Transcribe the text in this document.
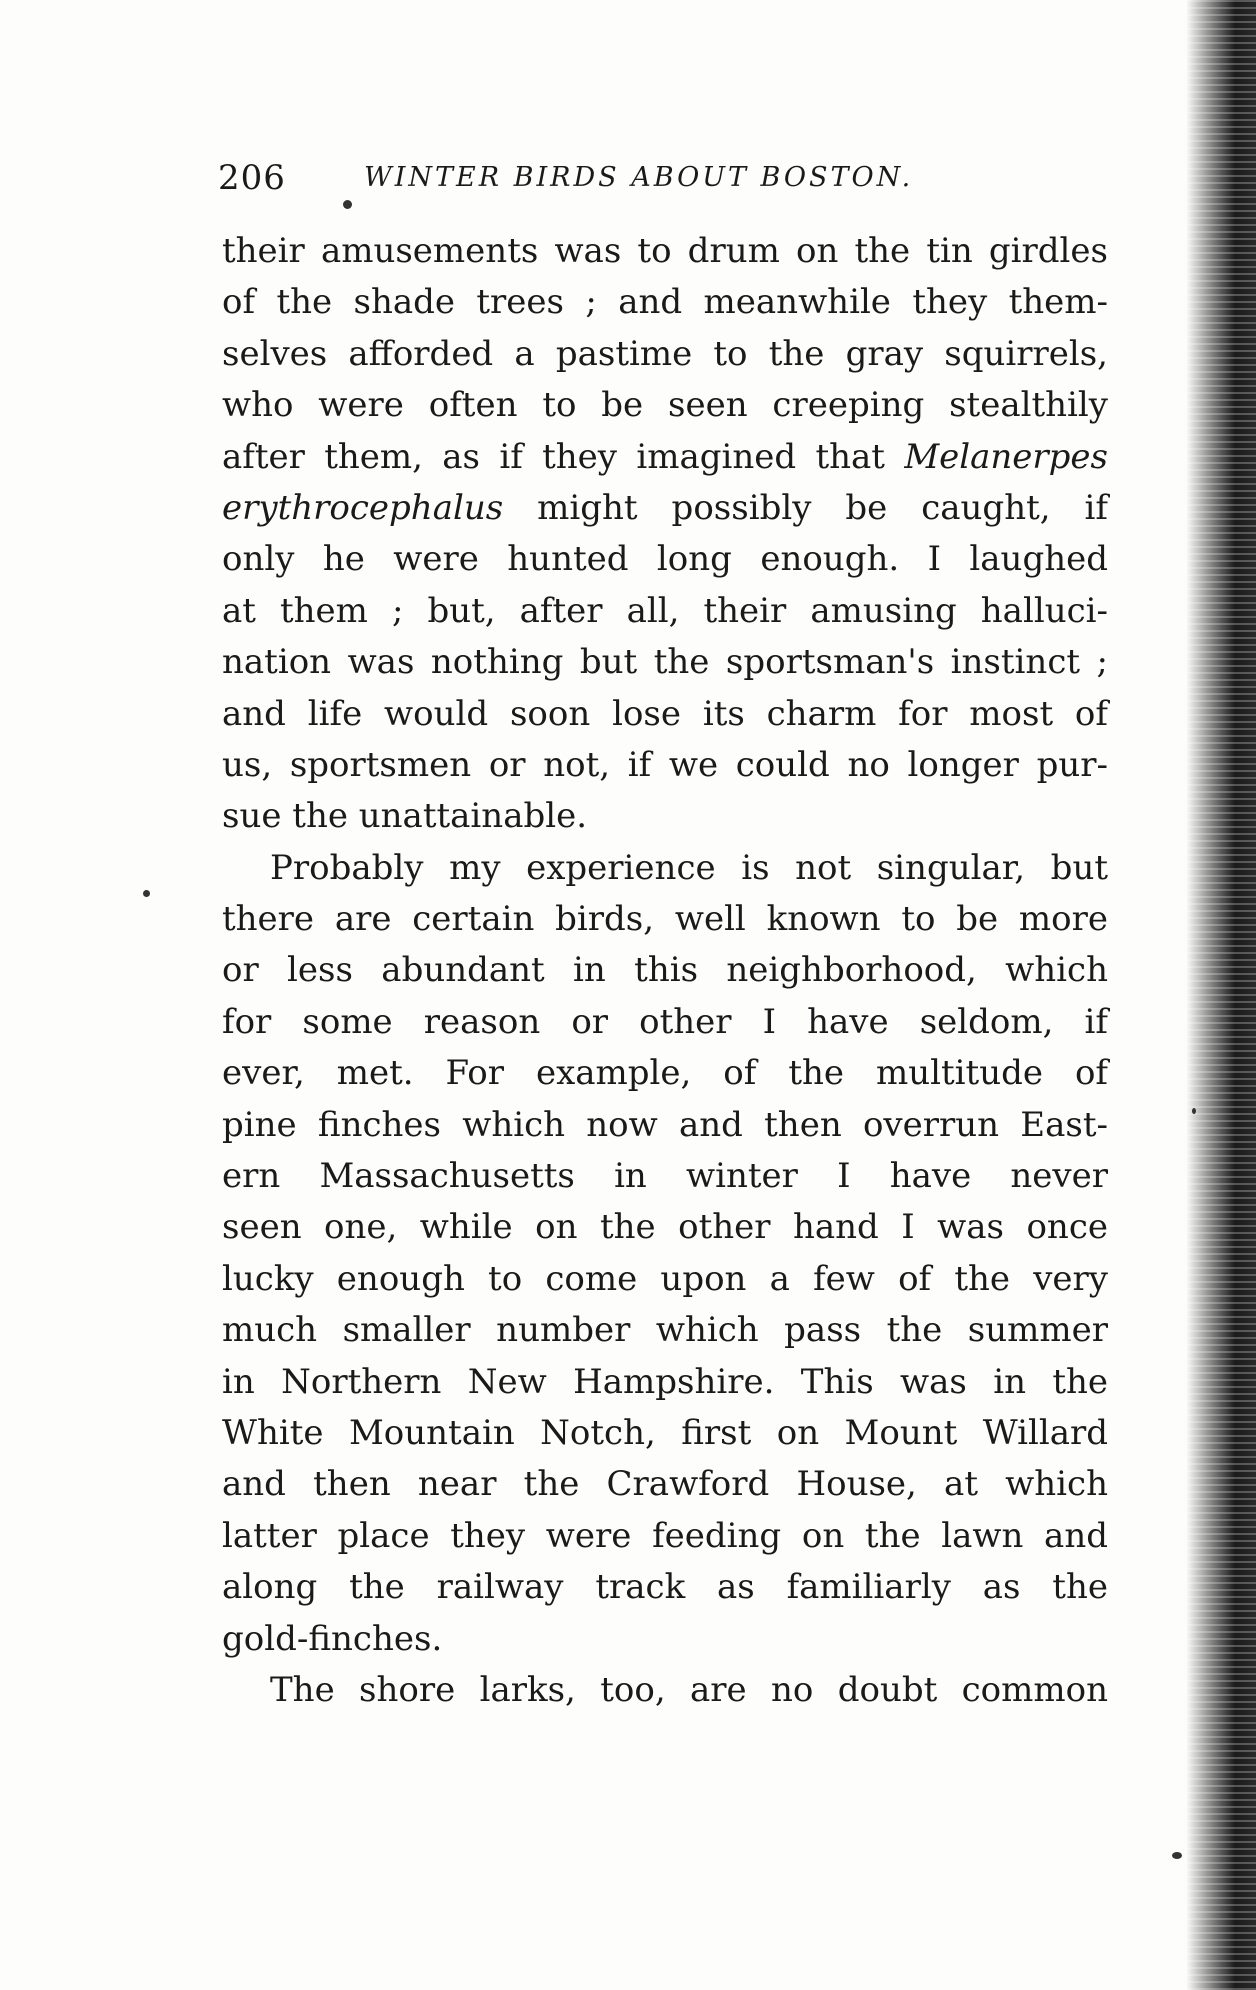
206	WINTER BIRDS ABOUT BOSTON.
their amusements was to drum on the tin girdles
of the shade trees ; and meanwhile they them-
selves afforded a pastime to the gray squirrels,
who were often to be seen creeping stealthily
after them, as if they imagined that Melanerpes
erythrocephalus might possibly be caught, if
only he were hunted long enough. I laughed
at them ; but, after all, their amusing halluci-
nation was nothing but the sportsman's instinct ;
and life would soon lose its charm for most of
us, sportsmen or not, if we could no longer pur-
sue the unattainable.
Probably my experience is not singular, but
there are certain birds, well known to be more
or less abundant in this neighborhood, which
for some reason or other I have seldom, if
ever, met. For example, of the multitude of
pine finches which now and then overrun East-
ern Massachusetts in winter I have never
seen one, while on the other hand I was once
lucky enough to come upon a few of the very
much smaller number which pass the summer
in Northern New Hampshire. This was in the
White Mountain Notch, first on Mount Willard
and then near the Crawford House, at which
latter place they were feeding on the lawn and
along the railway track as familiarly as the
gold-finches.
The shore larks, too, are no doubt common
